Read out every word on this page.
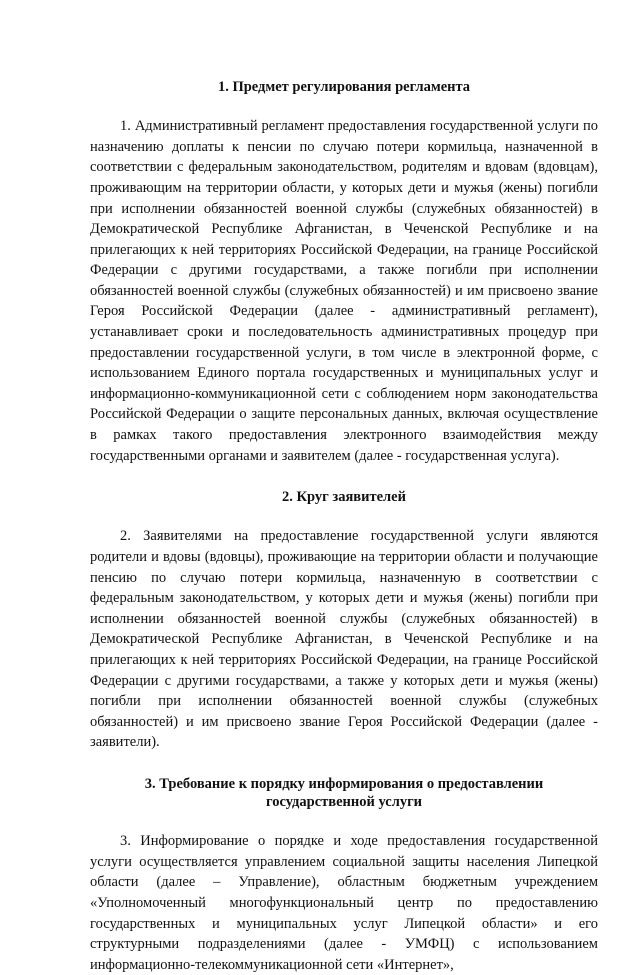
1. Предмет регулирования регламента

1. Административный регламент предоставления государственной услуги по назначению доплаты к пенсии по случаю потери кормильца, назначенной в соответствии с федеральным законодательством, родителям и вдовам (вдовцам), проживающим на территории области, у которых дети и мужья (жены) погибли при исполнении обязанностей военной службы (служебных обязанностей) в Демократической Республике Афганистан, в Чеченской Республике и на прилегающих к ней территориях Российской Федерации, на границе Российской Федерации с другими государствами, а также погибли при исполнении обязанностей военной службы (служебных обязанностей) и им присвоено звание Героя Российской Федерации (далее - административный регламент), устанавливает сроки и последовательность административных процедур при предоставлении государственной услуги, в том числе в электронной форме, с использованием Единого портала государственных и муниципальных услуг и информационно-коммуникационной сети с соблюдением норм законодательства Российской Федерации о защите персональных данных, включая осуществление в рамках такого предоставления электронного взаимодействия между государственными органами и заявителем (далее - государственная услуга).

2. Круг заявителей

2. Заявителями на предоставление государственной услуги являются родители и вдовы (вдовцы), проживающие на территории области и получающие пенсию по случаю потери кормильца, назначенную в соответствии с федеральным законодательством, у которых дети и мужья (жены) погибли при исполнении обязанностей военной службы (служебных обязанностей) в Демократической Республике Афганистан, в Чеченской Республике и на прилегающих к ней территориях Российской Федерации, на границе Российской Федерации с другими государствами, а также у которых дети и мужья (жены) погибли при исполнении обязанностей военной службы (служебных обязанностей) и им присвоено звание Героя Российской Федерации (далее - заявители).

3. Требование к порядку информирования о предоставлении государственной услуги

3. Информирование о порядке и ходе предоставления государственной услуги осуществляется управлением социальной защиты населения Липецкой области (далее – Управление), областным бюджетным учреждением «Уполномоченный многофункциональный центр по предоставлению государственных и муниципальных услуг Липецкой области» и его структурными подразделениями (далее - УМФЦ) с использованием информационно-телекоммуникационной сети «Интернет»,
